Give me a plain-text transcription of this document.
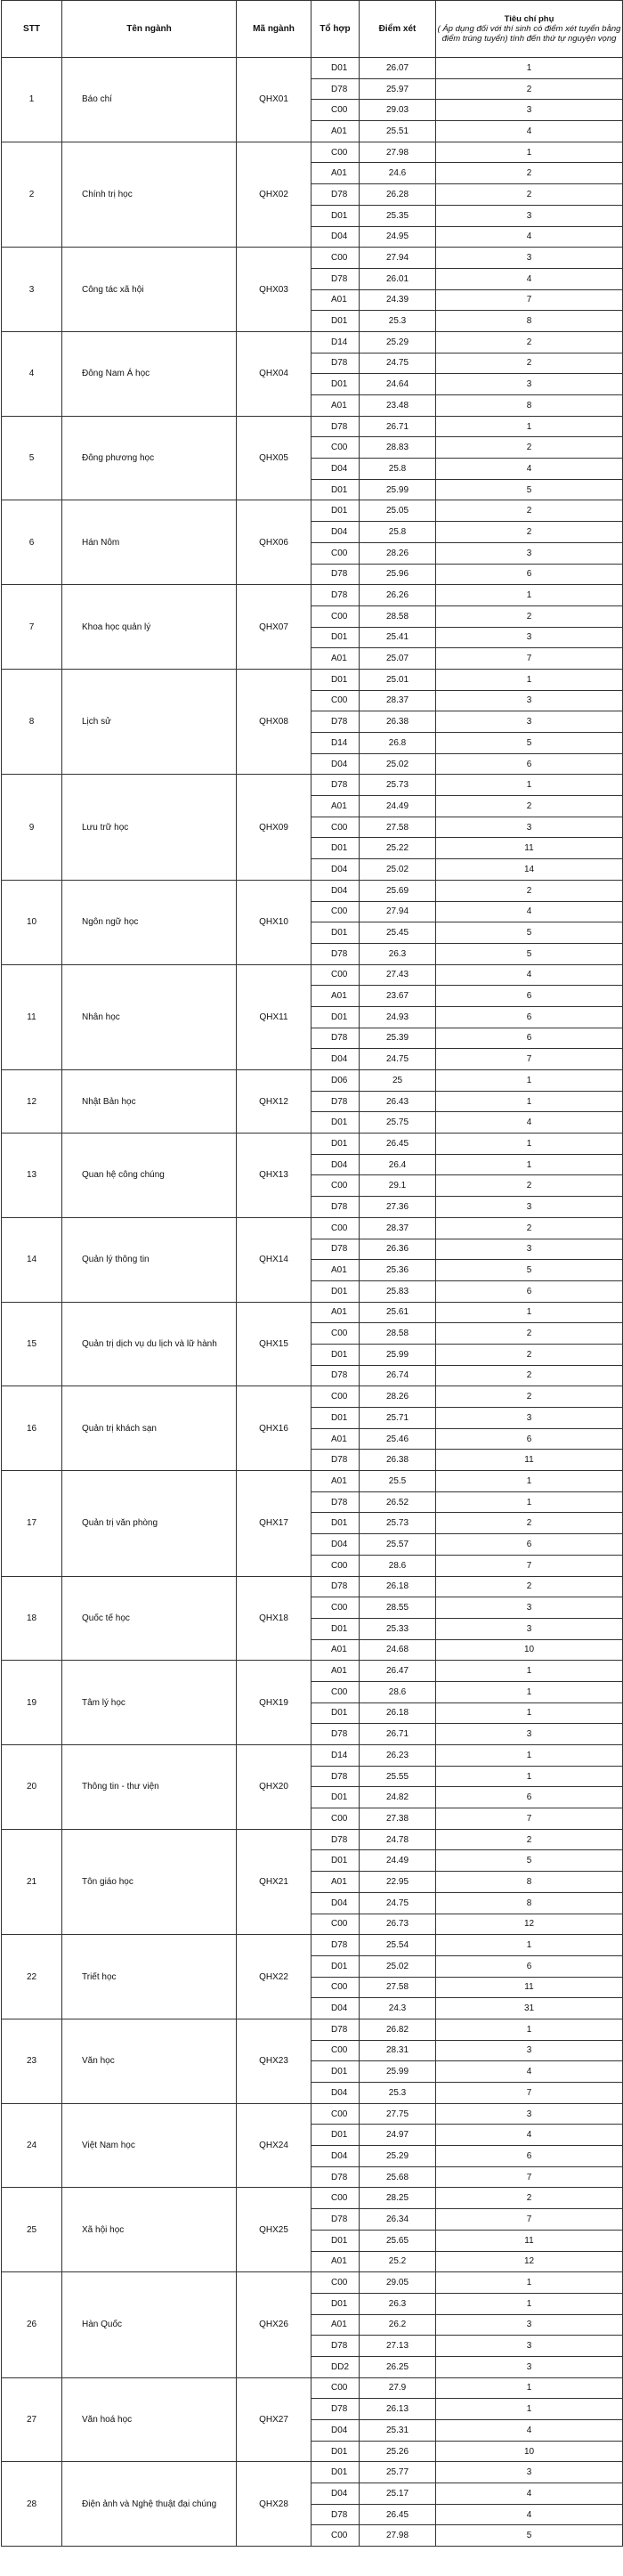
STT	Tên ngành	Mã ngành	Tổ hợp	Điểm xét	Tiêu chí phụ
( Áp dụng đối với thí sinh có điểm xét tuyển bằng điểm trúng tuyển) tính đến thứ tự nguyện vọng

1	Báo chí	QHX01	D01	26.07	1
			D78	25.97	2
			C00	29.03	3
			A01	25.51	4
2	Chính trị học	QHX02	C00	27.98	1
			A01	24.6	2
			D78	26.28	2
			D01	25.35	3
			D04	24.95	4
3	Công tác xã hội	QHX03	C00	27.94	3
			D78	26.01	4
			A01	24.39	7
			D01	25.3	8
4	Đông Nam Á học	QHX04	D14	25.29	2
			D78	24.75	2
			D01	24.64	3
			A01	23.48	8
5	Đông phương học	QHX05	D78	26.71	1
			C00	28.83	2
			D04	25.8	4
			D01	25.99	5
6	Hán Nôm	QHX06	D01	25.05	2
			D04	25.8	2
			C00	28.26	3
			D78	25.96	6
7	Khoa học quản lý	QHX07	D78	26.26	1
			C00	28.58	2
			D01	25.41	3
			A01	25.07	7
8	Lịch sử	QHX08	D01	25.01	1
			C00	28.37	3
			D78	26.38	3
			D14	26.8	5
			D04	25.02	6
9	Lưu trữ học	QHX09	D78	25.73	1
			A01	24.49	2
			C00	27.58	3
			D01	25.22	11
			D04	25.02	14
10	Ngôn ngữ học	QHX10	D04	25.69	2
			C00	27.94	4
			D01	25.45	5
			D78	26.3	5
11	Nhân học	QHX11	C00	27.43	4
			A01	23.67	6
			D01	24.93	6
			D78	25.39	6
			D04	24.75	7
12	Nhật Bản học	QHX12	D06	25	1
			D78	26.43	1
			D01	25.75	4
13	Quan hệ công chúng	QHX13	D01	26.45	1
			D04	26.4	1
			C00	29.1	2
			D78	27.36	3
14	Quản lý thông tin	QHX14	C00	28.37	2
			D78	26.36	3
			A01	25.36	5
			D01	25.83	6
15	Quản trị dịch vụ du lịch và lữ hành	QHX15	A01	25.61	1
			C00	28.58	2
			D01	25.99	2
			D78	26.74	2
16	Quản trị khách sạn	QHX16	C00	28.26	2
			D01	25.71	3
			A01	25.46	6
			D78	26.38	11
17	Quản trị văn phòng	QHX17	A01	25.5	1
			D78	26.52	1
			D01	25.73	2
			D04	25.57	6
			C00	28.6	7
18	Quốc tế học	QHX18	D78	26.18	2
			C00	28.55	3
			D01	25.33	3
			A01	24.68	10
19	Tâm lý học	QHX19	A01	26.47	1
			C00	28.6	1
			D01	26.18	1
			D78	26.71	3
20	Thông tin - thư viện	QHX20	D14	26.23	1
			D78	25.55	1
			D01	24.82	6
			C00	27.38	7
21	Tôn giáo học	QHX21	D78	24.78	2
			D01	24.49	5
			A01	22.95	8
			D04	24.75	8
			C00	26.73	12
22	Triết học	QHX22	D78	25.54	1
			D01	25.02	6
			C00	27.58	11
			D04	24.3	31
23	Văn học	QHX23	D78	26.82	1
			C00	28.31	3
			D01	25.99	4
			D04	25.3	7
24	Việt Nam học	QHX24	C00	27.75	3
			D01	24.97	4
			D04	25.29	6
			D78	25.68	7
25	Xã hội học	QHX25	C00	28.25	2
			D78	26.34	7
			D01	25.65	11
			A01	25.2	12
26	Hàn Quốc	QHX26	C00	29.05	1
			D01	26.3	1
			A01	26.2	3
			D78	27.13	3
			DD2	26.25	3
27	Văn hoá học	QHX27	C00	27.9	1
			D78	26.13	1
			D04	25.31	4
			D01	25.26	10
28	Điện ảnh và Nghệ thuật đại chúng	QHX28	D01	25.77	3
			D04	25.17	4
			D78	26.45	4
			C00	27.98	5
